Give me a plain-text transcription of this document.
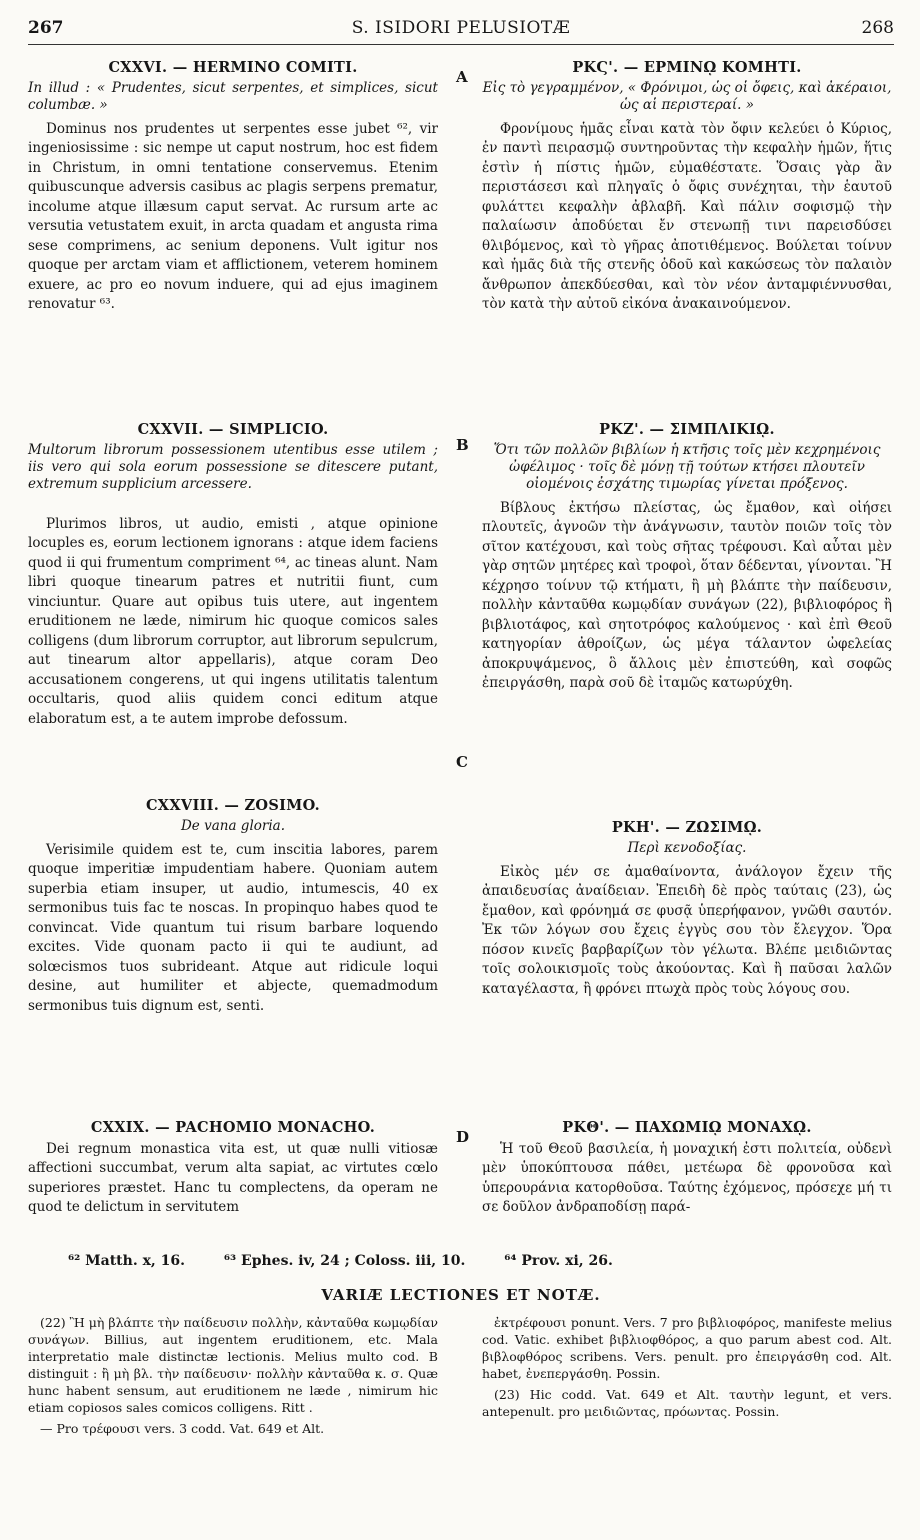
267	S. ISIDORI PELUSIOTÆ	268
A
B
C
D
CXXVI. — HERMINO COMITI.
In illud : « Prudentes, sicut serpentes, et simplices, sicut columbæ. »

Dominus nos prudentes ut serpentes esse jubet ⁶², vir ingeniosissime : sic nempe ut caput nostrum, hoc est fidem in Christum, in omni tentatione conservemus. Etenim quibuscunque adversis casibus ac plagis serpens prematur, incolume atque illæsum caput servat. Ac rursum arte ac versutia vetustatem exuit, in arcta quadam et angusta rima sese comprimens, ac senium deponens. Vult igitur nos quoque per arctam viam et afflictionem, veterem hominem exuere, ac pro eo novum induere, qui ad ejus imaginem renovatur ⁶³.

CXXVII. — SIMPLICIO.
Multorum librorum possessionem utentibus esse utilem ; iis vero qui sola eorum possessione se ditescere putant, extremum supplicium arcessere.

Plurimos libros, ut audio, emisti , atque opinione locuples es, eorum lectionem ignorans : atque idem faciens quod ii qui frumentum compriment ⁶⁴, ac tineas alunt. Nam libri quoque tinearum patres et nutritii fiunt, cum vinciuntur. Quare aut opibus tuis utere, aut ingentem eruditionem ne læde, nimirum hic quoque comicos sales colligens (dum librorum corruptor, aut librorum sepulcrum, aut tinearum altor appellaris), atque coram Deo accusationem congerens, ut qui ingens utilitatis talentum occultaris, quod aliis quidem conci editum atque elaboratum est, a te autem improbe defossum.

CXXVIII. — ZOSIMO.
De vana gloria.

Verisimile quidem est te, cum inscitia labores, parem quoque imperitiæ impudentiam habere. Quoniam autem superbia etiam insuper, ut audio, intumescis, 40 ex sermonibus tuis fac te noscas. In propinquo habes quod te convincat. Vide quantum tui risum barbare loquendo excites. Vide quonam pacto ii qui te audiunt, ad solœcismos tuos subrideant. Atque aut ridicule loqui desine, aut humiliter et abjecte, quemadmodum sermonibus tuis dignum est, senti.

CXXIX. — PACHOMIO MONACHO.

Dei regnum monastica vita est, ut quæ nulli vitiosæ affectioni succumbat, verum alta sapiat, ac virtutes cœlo superiores præstet. Hanc tu complectens, da operam ne quod te delictum in servitutem

ΡΚϚ'. — ΕΡΜΙΝῼ ΚΟΜΗΤΙ.
Εἰς τὸ γεγραμμένον, « Φρόνιμοι, ὡς οἱ ὄφεις, καὶ ἀκέραιοι, ὡς αἱ περιστεραί. »

Φρονίμους ἡμᾶς εἶναι κατὰ τὸν ὄφιν κελεύει ὁ Κύριος, ἐν παντὶ πειρασμῷ συντηροῦντας τὴν κεφαλὴν ἡμῶν, ἥτις ἐστὶν ἡ πίστις ἡμῶν, εὐμαθέστατε. Ὅσαις γὰρ ἂν περιστάσεσι καὶ πληγαῖς ὁ ὄφις συνέχηται, τὴν ἑαυτοῦ φυλάττει κεφαλὴν ἀβλαβῆ. Καὶ πάλιν σοφισμῷ τὴν παλαίωσιν ἀποδύεται ἔν στενωπῇ τινι παρεισδύσει θλιβόμενος, καὶ τὸ γῆρας ἀποτιθέμενος. Βούλεται τοίνυν καὶ ἡμᾶς διὰ τῆς στενῆς ὁδοῦ καὶ κακώσεως τὸν παλαιὸν ἄνθρωπον ἀπεκδύεσθαι, καὶ τὸν νέον ἀνταμφιέννυσθαι, τὸν κατὰ τὴν αὐτοῦ εἰκόνα ἀνακαινούμενον.

ΡΚΖ'. — ΣΙΜΠΛΙΚΙῼ.
Ὅτι τῶν πολλῶν βιβλίων ἡ κτῆσις τοῖς μὲν κεχρημένοις ὠφέλιμος · τοῖς δὲ μόνῃ τῇ τούτων κτήσει πλουτεῖν οἰομένοις ἐσχάτης τιμωρίας γίνεται πρόξενος.

Βίβλους ἐκτήσω πλείστας, ὡς ἔμαθον, καὶ οἰήσει πλουτεῖς, ἀγνοῶν τὴν ἀνάγνωσιν, ταυτὸν ποιῶν τοῖς τὸν σῖτον κατέχουσι, καὶ τοὺς σῆτας τρέφουσι. Καὶ αὗται μὲν γὰρ σητῶν μητέρες καὶ τροφοὶ, ὅταν δέδενται, γίνονται. Ἢ κέχρησο τοίνυν τῷ κτήματι, ἢ μὴ βλάπτε τὴν παίδευσιν, πολλὴν κἀνταῦθα κωμῳδίαν συνάγων (22), βιβλιοφόρος ἢ βιβλιοτάφος, καὶ σητοτρόφος καλούμενος · καὶ ἐπὶ Θεοῦ κατηγορίαν ἀθροίζων, ὡς μέγα τάλαντον ὠφελείας ἀποκρυψάμενος, ὃ ἄλλοις μὲν ἐπιστεύθη, καὶ σοφῶς ἐπειργάσθη, παρὰ σοῦ δὲ ἰταμῶς κατωρύχθη.

ΡΚΗ'. — ΖΩΣΙΜῼ.
Περὶ κενοδοξίας.

Εἰκὸς μέν σε ἀμαθαίνοντα, ἀνάλογον ἔχειν τῆς ἀπαιδευσίας ἀναίδειαν. Ἐπειδὴ δὲ πρὸς ταύταις (23), ὡς ἔμαθον, καὶ φρόνημά σε φυσᾷ ὑπερήφανον, γνῶθι σαυτόν. Ἐκ τῶν λόγων σου ἔχεις ἐγγὺς σου τὸν ἔλεγχον. Ὅρα πόσον κινεῖς βαρβαρίζων τὸν γέλωτα. Βλέπε μειδιῶντας τοῖς σολοικισμοῖς τοὺς ἀκούοντας. Καὶ ἢ παῦσαι λαλῶν καταγέλαστα, ἢ φρόνει πτωχὰ πρὸς τοὺς λόγους σου.

ΡΚΘ'. — ΠΑΧΩΜΙῼ ΜΟΝΑΧῼ.

Ἡ τοῦ Θεοῦ βασιλεία, ἡ μοναχική ἐστι πολιτεία, οὐδενὶ μὲν ὑποκύπτουσα πάθει, μετέωρα δὲ φρονοῦσα καὶ ὑπερουράνια κατορθοῦσα. Ταύτης ἐχόμενος, πρόσεχε μή τι σε δοῦλον ἀνδραποδίσῃ παρά-

⁶² Matth. x, 16.	⁶³ Ephes. iv, 24 ; Coloss. iii, 10.	⁶⁴ Prov. xi, 26.
VARIÆ LECTIONES ET NOTÆ.

(22) Ἢ μὴ βλάπτε τὴν παίδευσιν πολλὴν, κἀνταῦθα κωμῳδίαν συνάγων. Billius, aut ingentem eruditionem, etc. Mala interpretatio male distinctæ lectionis. Melius multo cod. B distinguit : ἢ μὴ βλ. τὴν παίδευσιν· πολλὴν κἀνταῦθα κ. σ. Quæ hunc habent sensum, aut eruditionem ne læde , nimirum hic etiam copiosos sales comicos colligens. Ritt .

— Pro τρέφουσι vers. 3 codd. Vat. 649 et Alt.

ἐκτρέφουσι ponunt. Vers. 7 pro βιβλιοφόρος, manifeste melius cod. Vatic. exhibet βιβλιοφθόρος, a quo parum abest cod. Alt. βιβλοφθόρος scribens. Vers. penult. pro ἐπειργάσθη cod. Alt. habet, ἐνεπεργάσθη. Possin.

(23) Hic codd. Vat. 649 et Alt. ταυτὴν legunt, et vers. antepenult. pro μειδιῶντας, πρόωντας. Possin.
